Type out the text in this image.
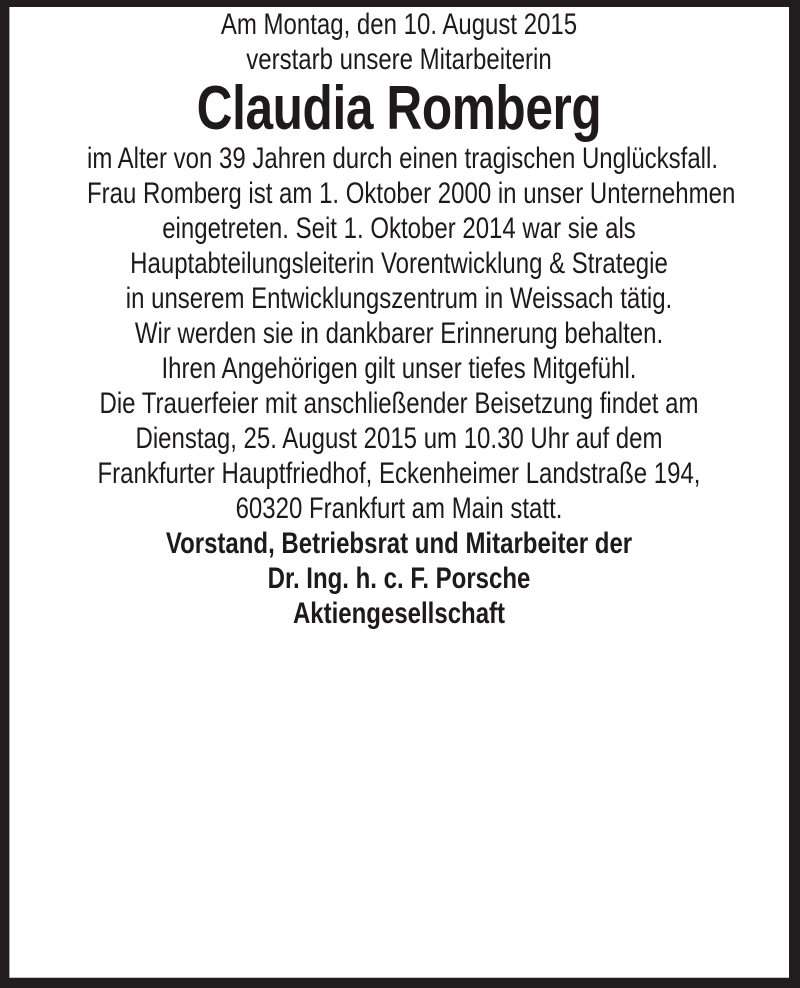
Am Montag, den 10. August 2015
verstarb unsere Mitarbeiterin

Claudia Romberg

im Alter von 39 Jahren durch einen tragischen Unglücksfall.

Frau Romberg ist am 1. Oktober 2000 in unser Unternehmen
eingetreten. Seit 1. Oktober 2014 war sie als
Hauptabteilungsleiterin Vorentwicklung & Strategie
in unserem Entwicklungszentrum in Weissach tätig.

Wir werden sie in dankbarer Erinnerung behalten.
Ihren Angehörigen gilt unser tiefes Mitgefühl.

Die Trauerfeier mit anschließender Beisetzung findet am
Dienstag, 25. August 2015 um 10.30 Uhr auf dem
Frankfurter Hauptfriedhof, Eckenheimer Landstraße 194,
60320 Frankfurt am Main statt.

Vorstand, Betriebsrat und Mitarbeiter der

Dr. Ing. h. c. F. Porsche
Aktiengesellschaft
